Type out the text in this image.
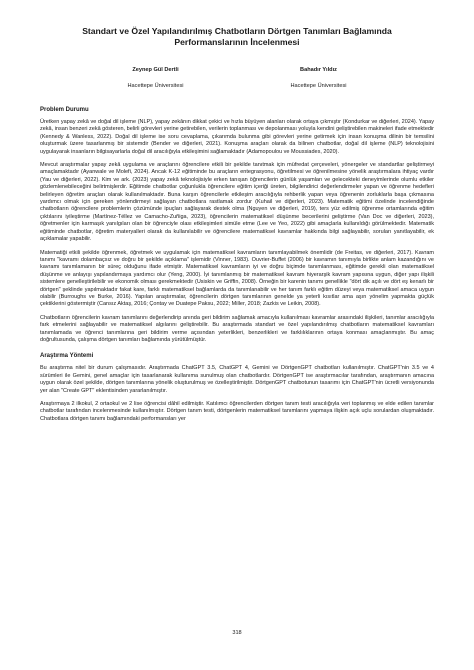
Standart ve Özel Yapılandırılmış Chatbotların Dörtgen Tanımları Bağlamında Performanslarının İncelenmesi
Zeynep Gül Dertli
Hacettepe Üniversitesi
Bahadır Yıldız
Hacettepe Üniversitesi
Problem Durumu

Üretken yapay zekâ ve doğal dil işleme (NLP), yapay zekânın dikkat çekici ve hızla büyüyen alanları olarak ortaya çıkmıştır (Kondurkar ve diğerleri, 2024). Yapay zekâ, insan benzeri zekâ gösteren, belirli görevleri yerine getirebilen, verilerin toplanması ve depolanması yoluyla kendini geliştirebilen makineleri ifade etmektedir (Kennedy & Wanless, 2022). Doğal dil işleme ise soru cevaplama, çıkarımda bulunma gibi görevleri yerine getirmek için insan konuşma dilinin bir temsilini oluşturmak üzere tasarlanmış bir sistemdir (Bender ve diğerleri, 2021). Konuşma araçları olarak da bilinen chatbotlar, doğal dil işleme (NLP) teknolojisini uygulayarak insanların bilgisayarlarla doğal dil aracılığıyla etkileşimini sağlamaktadır (Adamopoulou ve Moussiades, 2020).

Mevcut araştırmalar yapay zekâ uygulama ve araçlarını öğrencilere etkili bir şekilde tanıtmak için müfredat çerçeveleri, yönergeler ve standartlar geliştirmeyi amaçlamaktadır (Ayanwale ve Molefi, 2024). Ancak K-12 eğitiminde bu araçların entegrasyonu, öğretilmesi ve öğrenilmesine yönelik araştırmalara ihtiyaç vardır (Yau ve diğerleri, 2022). Kim ve ark. (2023) yapay zekâ teknolojisiyle erken tanışan öğrencilerin günlük yaşamları ve gelecekteki deneyimlerinde olumlu etkiler gözlemlenebileceğini belirtmişlerdir. Eğitimde chatbotlar çoğunlukla öğrencilere eğitim içeriği üreten, bilgilendirici değerlendirmeler yapan ve öğrenme hedefleri belirleyen öğretim araçları olarak kullanılmaktadır. Buna karşın öğrencilerle etkileşim aracılığıyla rehberlik yapan veya öğrenenin zorluklarla başa çıkmasına yardımcı olmak için gereken yönlendirmeyi sağlayan chatbotlara rastlamak zordur (Kuhail ve diğerleri, 2023). Matematik eğitimi özelinde incelendiğinde chatbotların öğrencilere problemlerin çözümünde ipuçları sağlayarak destek olma (Nguyen ve diğerleri, 2019), ters yüz edilmiş öğrenme ortamlarında eğitim çıktılarını iyileştirme (Martínez-Téllez ve Camacho-Zuñiga, 2023), öğrencilerin matematiksel düşünme becerilerini geliştirme (Van Doc ve diğerleri, 2023), öğretmenler için karmaşık yanılgıları olan bir öğrenciyle olası etkileşimleri simüle etme (Lee ve Yeo, 2022) gibi amaçlarla kullanıldığı görülmektedir. Matematik eğitiminde chatbotlar, öğretim materyalleri olarak da kullanılabilir ve öğrencilere matematiksel kavramlar hakkında bilgi sağlayabilir, soruları yanıtlayabilir, ek açıklamalar yapabilir.

Matematiği etkili şekilde öğrenmek, öğretmek ve uygulamak için matematiksel kavramların tanımlayabilmek önemlidir (de Freitas, ve diğerleri, 2017). Kavram tanımı "kavramı dolambaçsız ve doğru bir şekilde açıklama" işlemidir (Vinner, 1983). Ouvrier-Buffet (2006) bir kavramın tanımıyla birlikte anlam kazandığını ve kavramı tanımlamanın bir süreç olduğunu ifade etmiştir. Matematiksel kavramların iyi ve doğru biçimde tanımlanması, eğitimde gerekli olan matematiksel düşünme ve anlayışı yapılandırmaya yardımcı olur (Yeng, 2000). İyi tanımlanmış bir matematiksel kavram hiyerarşik kavram yapısına uygun, diğer yapı ilişkili sistemlere genelleştirilebilir ve ekonomik olması gerekmektedir (Usiskin ve Griffin, 2008). Örneğin bir karenin tanımı genellikle "dört dik açılı ve dört eş kenarlı bir dörtgen" şeklinde yapılmaktadır fakat kare, farklı matematiksel bağlamlarda da tanımlanabilir ve her tanım farklı eğitim düzeyi veya matematiksel amaca uygun olabilir (Burroughs ve Burke, 2016). Yapılan araştırmalar, öğrencilerin dörtgen tanımlarının genelde ya yeterli kısıtlar ama aşırı yönelim yapmakta güçlük çektiklerini göstermiştir (Cansız Aktaş, 2016; Çontay ve Duatepe Paksu, 2022; Miller, 2018; Zazkis ve Leikin, 2008).

Chatbotların öğrencilerin kavram tanımlarını değerlendirip anında geri bildirim sağlamak amacıyla kullanılması kavramlar arasındaki ilişkileri, tanımlar aracılığıyla fark etmelerini sağlayabilir ve matematiksel algılarını geliştirebilir. Bu araştırmada standart ve özel yapılandırılmış chatbotların matematiksel kavramları tanımlamada ve öğrenci tanımlarına geri bildirim verme açısından yeterlikleri, benzerlikleri ve farklılıklarının ortaya konması amaçlanmıştır. Bu amaç doğrultusunda, çalışma dörtgen tanımları bağlamında yürütülmüştür.

Araştırma Yöntemi

Bu araştırma nitel bir durum çalışmasıdır. Araştırmada ChatGPT 3.5, ChatGPT 4, Gemini ve DörtgenGPT chatbotları kullanılmıştır. ChatGPT'nin 3.5 ve 4 sürümleri ile Gemini, genel amaçlar için tasarlanarak kullanıma sunulmuş olan chatbotlardır. DörtgenGPT ise araştırmacılar tarafından, araştırmanın amacına uygun olarak özel şekilde, dörtgen tanımlarına yönelik oluşturulmuş ve özelleştirilmiştir. DörtgenGPT chatbotunun tasarımı için ChatGPT'nin ücretli versiyonunda yer alan "Create GPT" eklentisinden yararlanılmıştır.

Araştırmaya 2 ilkokul, 2 ortaokul ve 2 lise öğrencisi dâhil edilmiştir. Katılımcı öğrencilerden dörtgen tanım testi aracılığıyla veri toplanmış ve elde edilen tanımlar chatbotlar tarafından incelenmesinde kullanılmıştır. Dörtgen tanım testi, dörtgenlerin matematiksel tanımlarını yapmaya ilişkin açık uçlu sorulardan oluşmaktadır. Chatbotlara dörtgen tanımı bağlamındaki performansları yer

318
